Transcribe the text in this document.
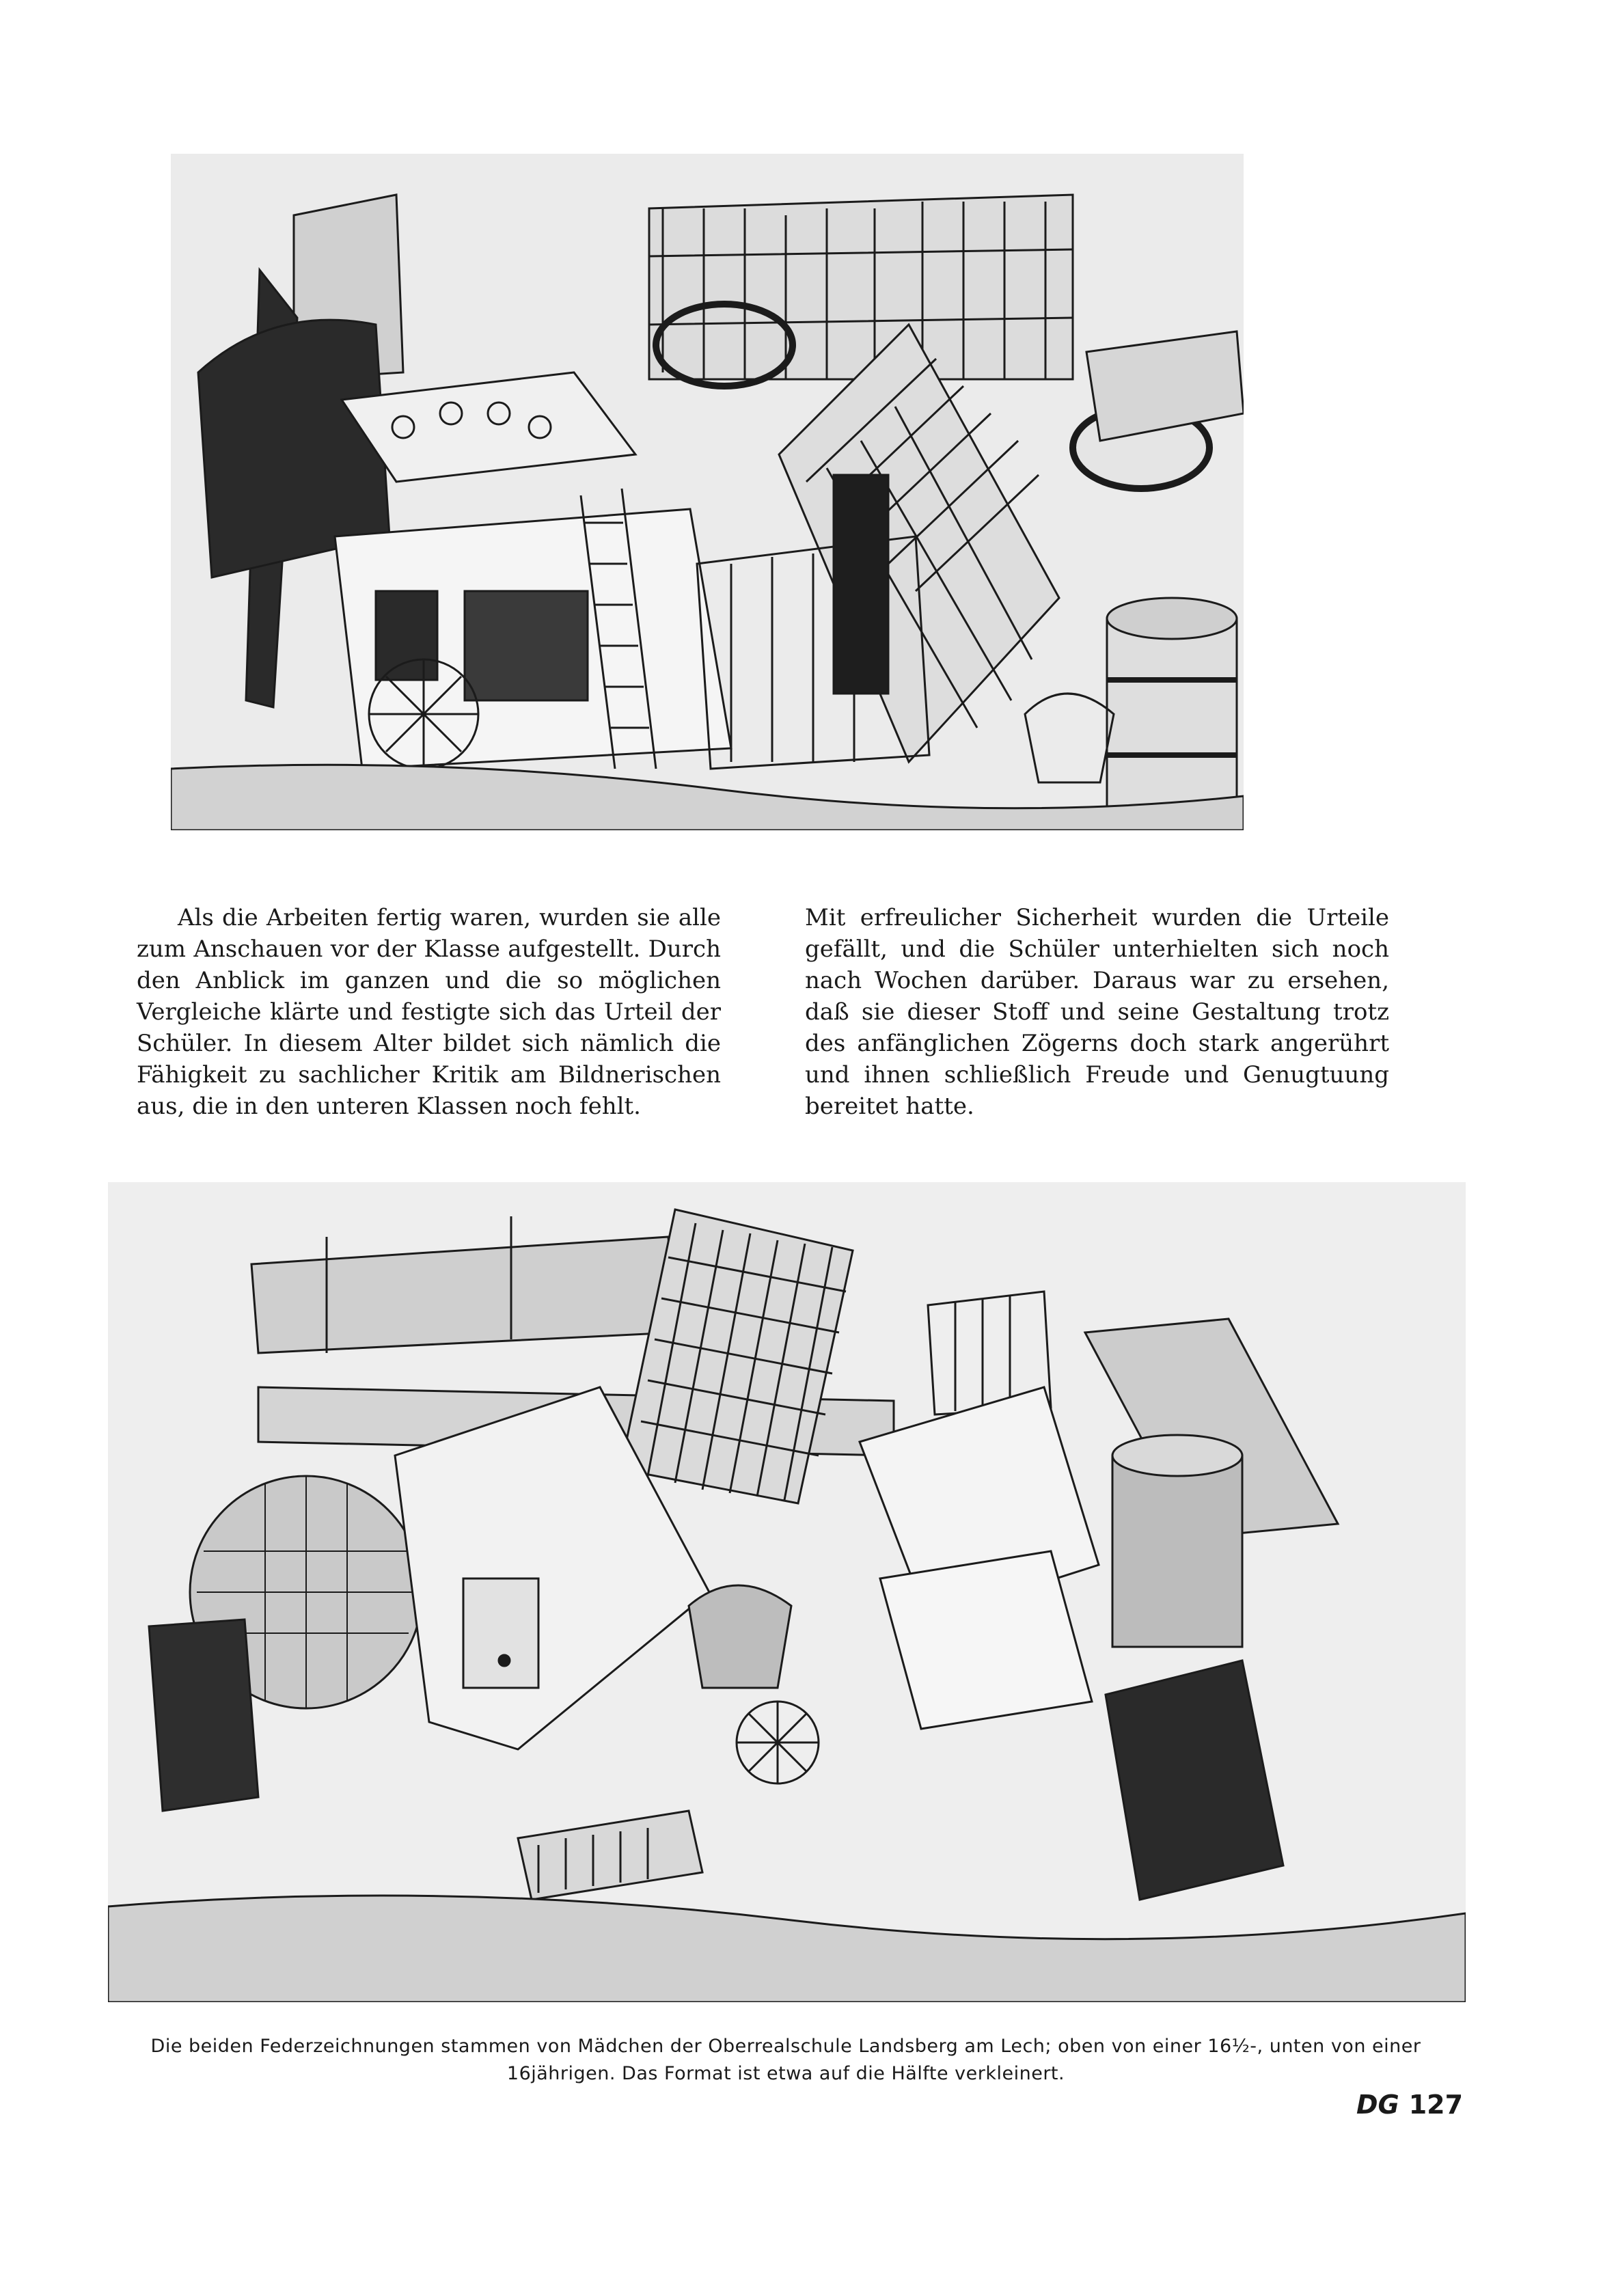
Als die Arbeiten fertig waren, wurden sie alle zum Anschauen vor der Klasse aufgestellt. Durch den Anblick im ganzen und die so möglichen Vergleiche klärte und festigte sich das Urteil der Schüler. In diesem Alter bildet sich nämlich die Fähigkeit zu sachlicher Kritik am Bildnerischen aus, die in den unteren Klassen noch fehlt.
Mit erfreulicher Sicherheit wurden die Urteile gefällt, und die Schüler unterhielten sich noch nach Wochen darüber. Daraus war zu ersehen, daß sie dieser Stoff und seine Gestaltung trotz des anfänglichen Zögerns doch stark angerührt und ihnen schließlich Freude und Genugtuung bereitet hatte.
Die beiden Federzeichnungen stammen von Mädchen der Oberrealschule Landsberg am Lech; oben von einer 16½-, unten von einer 16jährigen. Das Format ist etwa auf die Hälfte verkleinert.
DG 127
